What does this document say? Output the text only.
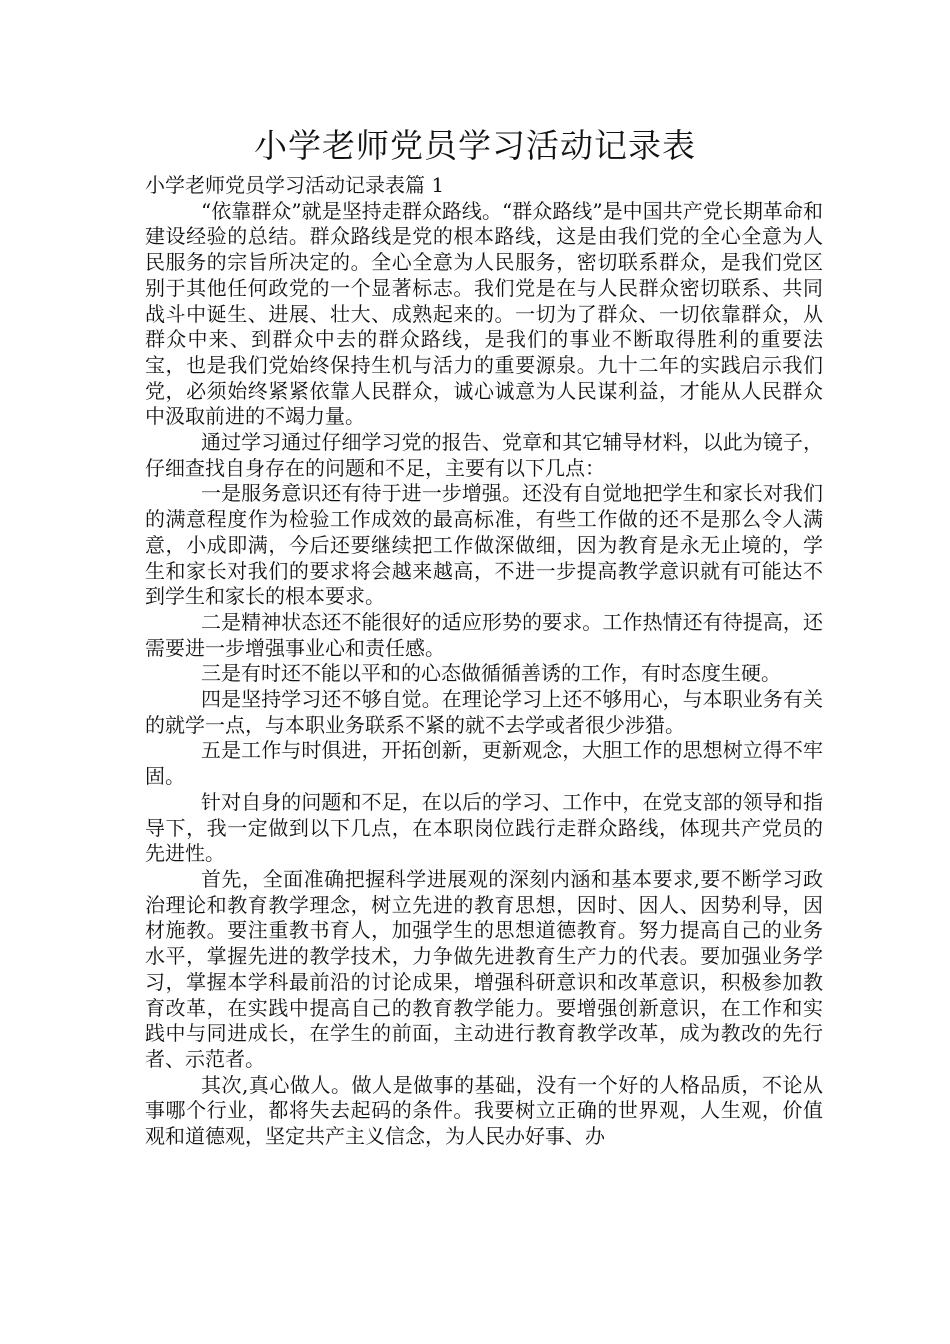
小学老师党员学习活动记录表

小学老师党员学习活动记录表篇 1

“依靠群众”就是坚持走群众路线。“群众路线”是中国共产党长期革命和建设经验的总结。群众路线是党的根本路线，这是由我们党的全心全意为人民服务的宗旨所决定的。全心全意为人民服务，密切联系群众，是我们党区别于其他任何政党的一个显著标志。我们党是在与人民群众密切联系、共同战斗中诞生、进展、壮大、成熟起来的。一切为了群众、一切依靠群众，从群众中来、到群众中去的群众路线，是我们的事业不断取得胜利的重要法宝，也是我们党始终保持生机与活力的重要源泉。九十二年的实践启示我们党，必须始终紧紧依靠人民群众，诚心诚意为人民谋利益，才能从人民群众中汲取前进的不竭力量。

通过学习通过仔细学习党的报告、党章和其它辅导材料，以此为镜子，仔细查找自身存在的问题和不足，主要有以下几点：

一是服务意识还有待于进一步增强。还没有自觉地把学生和家长对我们的满意程度作为检验工作成效的最高标准，有些工作做的还不是那么令人满意，小成即满，今后还要继续把工作做深做细，因为教育是永无止境的，学生和家长对我们的要求将会越来越高，不进一步提高教学意识就有可能达不到学生和家长的根本要求。

二是精神状态还不能很好的适应形势的要求。工作热情还有待提高，还需要进一步增强事业心和责任感。

三是有时还不能以平和的心态做循循善诱的工作，有时态度生硬。

四是坚持学习还不够自觉。在理论学习上还不够用心，与本职业务有关的就学一点，与本职业务联系不紧的就不去学或者很少涉猎。

五是工作与时俱进，开拓创新，更新观念，大胆工作的思想树立得不牢固。

针对自身的问题和不足，在以后的学习、工作中，在党支部的领导和指导下，我一定做到以下几点，在本职岗位践行走群众路线，体现共产党员的先进性。

首先，全面准确把握科学进展观的深刻内涵和基本要求,要不断学习政治理论和教育教学理念，树立先进的教育思想，因时、因人、因势利导，因材施教。要注重教书育人，加强学生的思想道德教育。努力提高自己的业务水平，掌握先进的教学技术，力争做先进教育生产力的代表。要加强业务学习，掌握本学科最前沿的讨论成果，增强科研意识和改革意识，积极参加教育改革，在实践中提高自己的教育教学能力。要增强创新意识，在工作和实践中与同进成长，在学生的前面，主动进行教育教学改革，成为教改的先行者、示范者。

其次,真心做人。做人是做事的基础，没有一个好的人格品质，不论从事哪个行业，都将失去起码的条件。我要树立正确的世界观，人生观，价值观和道德观，坚定共产主义信念，为人民办好事、办
